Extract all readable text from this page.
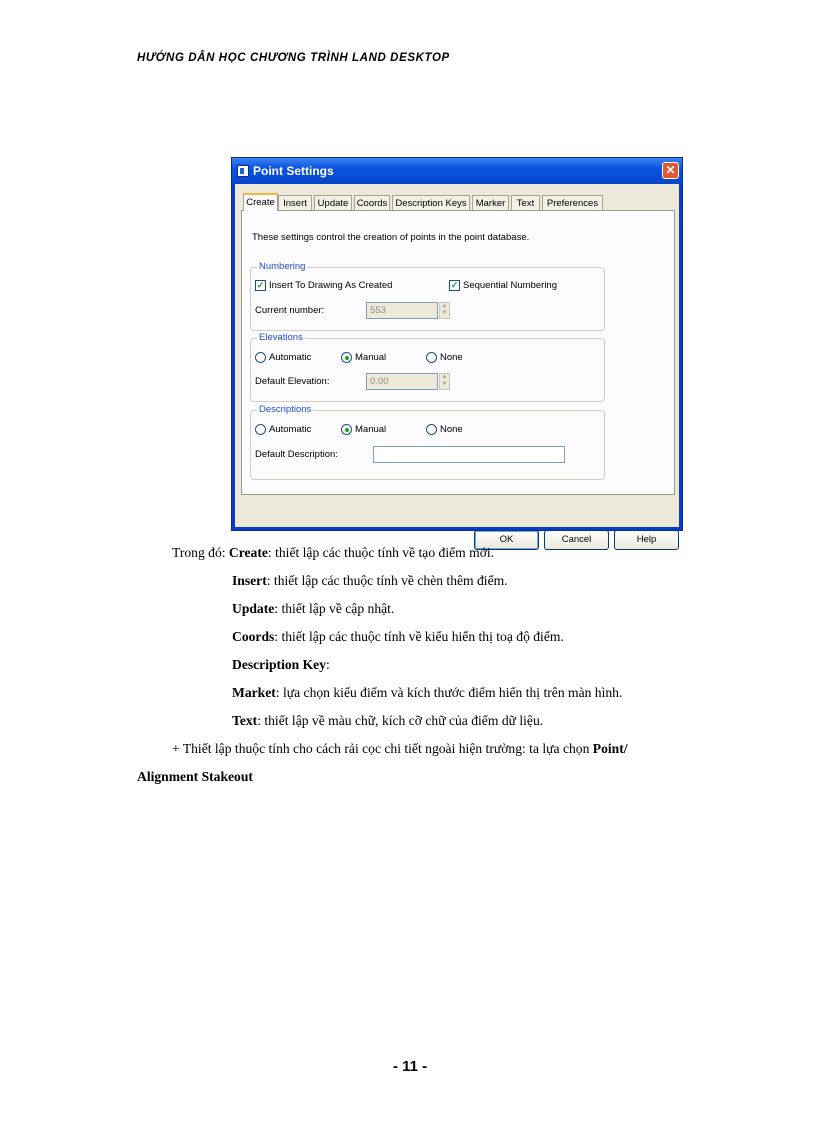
HƯỚNG DẪN HỌC CHƯƠNG TRÌNH LAND DESKTOP
Point Settings	✕
Create Insert	Update Coords Description Keys Marker	Text	Preferences
These settings control the creation of points in the point database.
Numbering
✓ Insert To Drawing As Created	✓ Sequential Numbering
Current number:	553	▲
▼
Elevations
Automatic	Manual	None
Default Elevation:	0.00	▲
▼
Descriptions
Automatic	Manual	None
Default Description:
OK	Cancel	Help
Trong đó: Create: thiết lập các thuộc tính về tạo điểm mới.
Insert: thiết lập các thuộc tính về chèn thêm điểm.
Update: thiết lập về cập nhật.
Coords: thiết lập các thuộc tính về kiểu hiển thị toạ độ điểm.
Description Key:
Market: lựa chọn kiểu điểm và kích thước điểm hiển thị trên màn hình.
Text: thiết lập về màu chữ, kích cỡ chữ của điểm dữ liệu.
+ Thiết lập thuộc tính cho cách rải cọc chi tiết ngoài hiện trường: ta lựa chọn Point/
Alignment Stakeout
- 11 -
